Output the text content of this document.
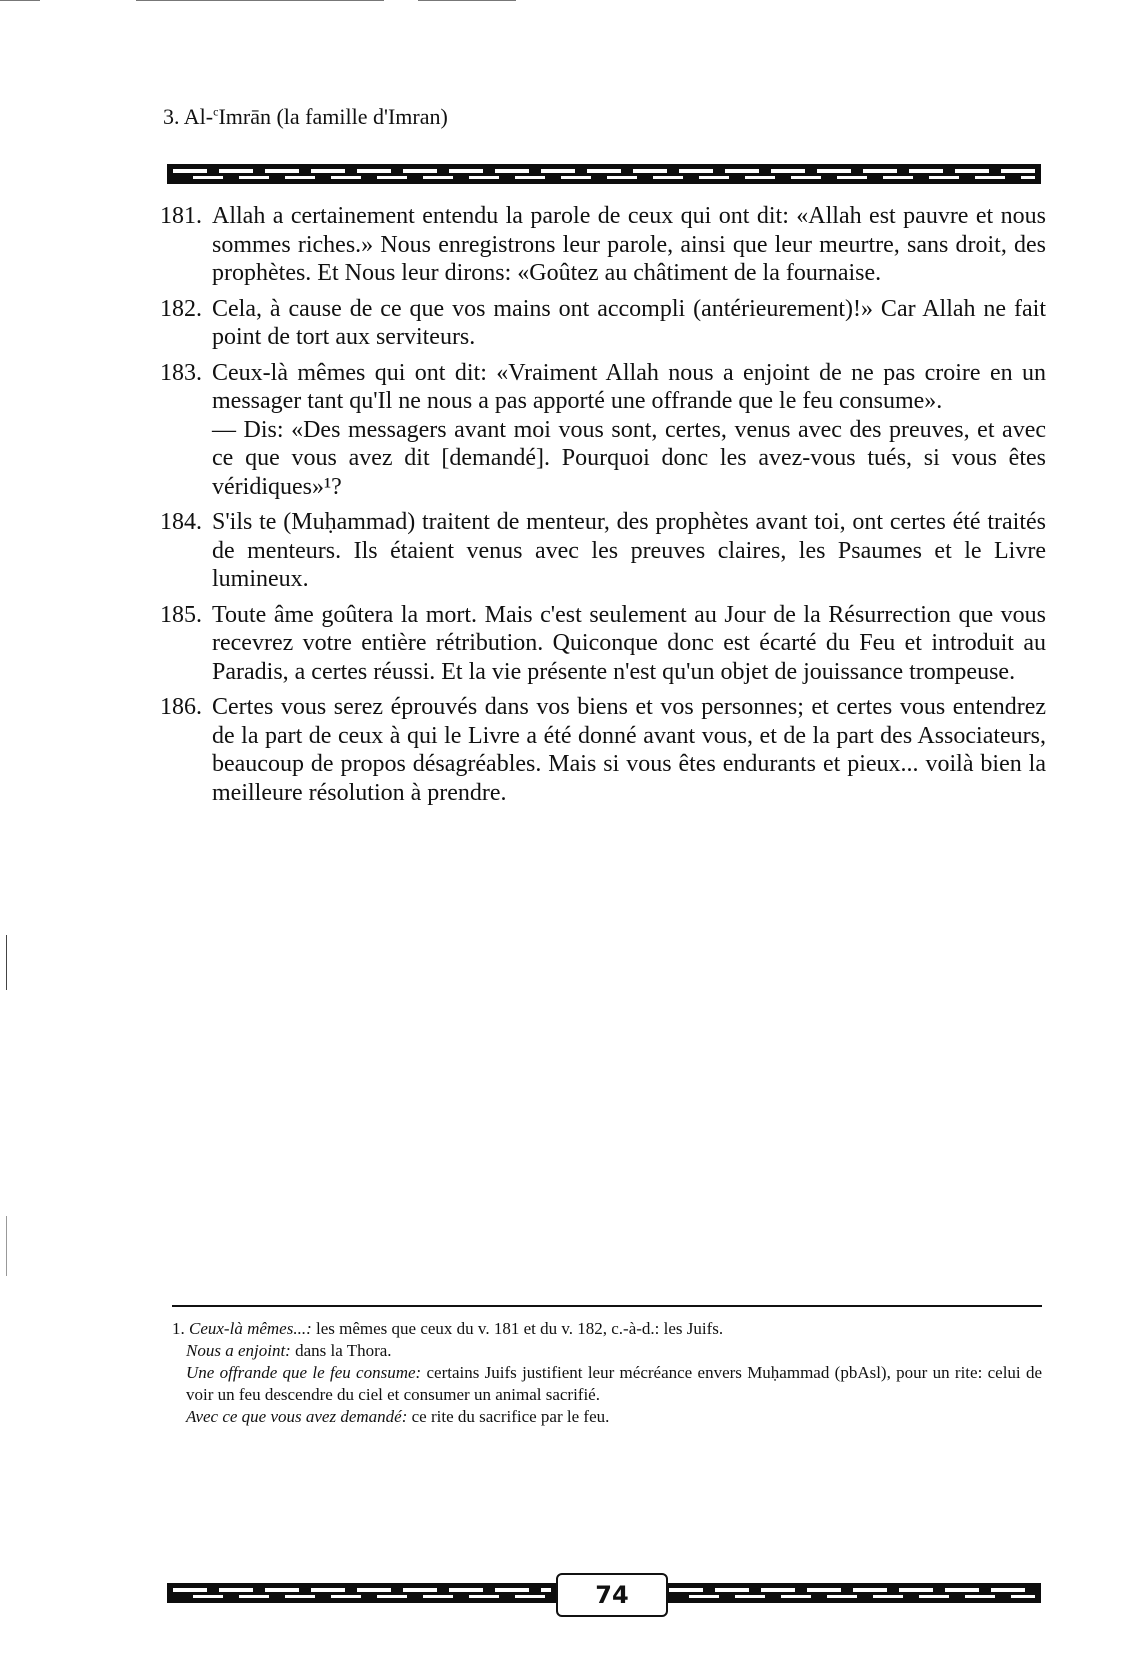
3. Al-$^c$Imrān (la famille d'Imran)
181. Allah a certainement entendu la parole de ceux qui ont dit: «Allah est pauvre et nous sommes riches.» Nous enregistrons leur parole, ainsi que leur meurtre, sans droit, des prophètes. Et Nous leur dirons: «Goûtez au châtiment de la fournaise.

182. Cela, à cause de ce que vos mains ont accompli (antérieurement)!» Car Allah ne fait point de tort aux serviteurs.

183. Ceux-là mêmes qui ont dit: «Vraiment Allah nous a enjoint de ne pas croire en un messager tant qu'Il ne nous a pas apporté une offrande que le feu consume».

— Dis: «Des messagers avant moi vous sont, certes, venus avec des preuves, et avec ce que vous avez dit [demandé]. Pourquoi donc les avez-vous tués, si vous êtes véridiques»¹?

184. S'ils te (Muḥammad) traitent de menteur, des prophètes avant toi, ont certes été traités de menteurs. Ils étaient venus avec les preuves claires, les Psaumes et le Livre lumineux.

185. Toute âme goûtera la mort. Mais c'est seulement au Jour de la Résurrection que vous recevrez votre entière rétribution. Quiconque donc est écarté du Feu et introduit au Paradis, a certes réussi. Et la vie présente n'est qu'un objet de jouissance trompeuse.

186. Certes vous serez éprouvés dans vos biens et vos personnes; et certes vous entendrez de la part de ceux à qui le Livre a été donné avant vous, et de la part des Associateurs, beaucoup de propos désagréables. Mais si vous êtes endurants et pieux... voilà bien la meilleure résolution à prendre.

1. Ceux-là mêmes...: les mêmes que ceux du v. 181 et du v. 182, c.-à-d.: les Juifs.

Nous a enjoint: dans la Thora.

Une offrande que le feu consume: certains Juifs justifient leur mécréance envers Muḥammad (pbAsl), pour un rite: celui de voir un feu descendre du ciel et consumer un animal sacrifié.

Avec ce que vous avez demandé: ce rite du sacrifice par le feu.

74
